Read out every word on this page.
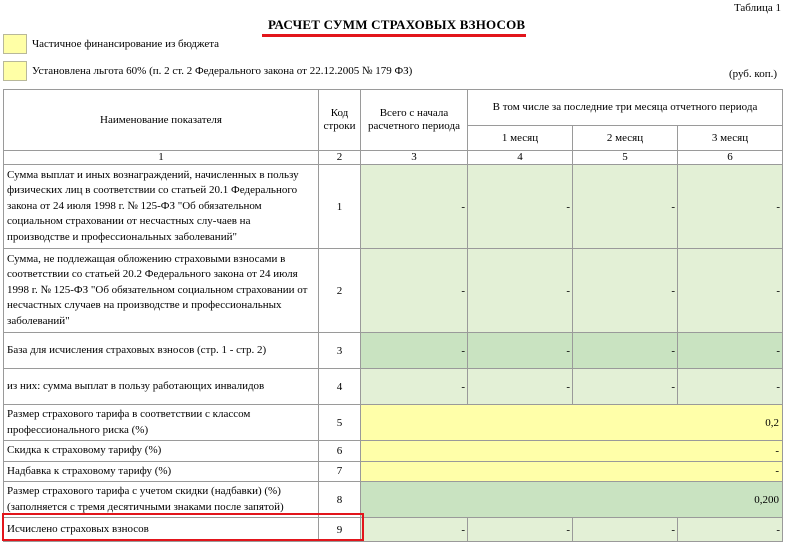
Таблица 1
РАСЧЕТ СУММ СТРАХОВЫХ ВЗНОСОВ
Частичное финансирование из бюджета
Установлена льгота 60% (п. 2 ст. 2 Федерального закона от 22.12.2005 № 179 ФЗ)	(руб. коп.)
Наименование показателя	Код строки	Всего с начала расчетного периода	В том числе за последние три месяца отчетного периода		
			1 месяц	2 месяц	3 месяц
1	2	3	4	5	6
Сумма выплат и иных вознаграждений, начисленных в пользу физических лиц в соответствии со статьей 20.1 Федерального закона от 24 июля 1998 г. № 125-ФЗ "Об обязательном социальном страховании от несчастных слу-чаев на производстве и профессиональных заболеваний"	1	-	-	-	-
Сумма, не подлежащая обложению страховыми взносами в соответствии со статьей 20.2 Федерального закона от 24 июля 1998 г. № 125-ФЗ "Об обязательном социальном страховании от несчастных случаев на производстве и профессиональных заболеваний"	2	-	-	-	-
База для исчисления страховых взносов (стр. 1 - стр. 2)	3	-	-	-	-
из них: сумма выплат в пользу работающих инвалидов	4	-	-	-	-
Размер страхового тарифа в соответствии с классом профессионального риска (%)	5	0,2			
Скидка к страховому тарифу (%)	6	-			
Надбавка к страховому тарифу (%)	7	-			
Размер страхового тарифа с учетом скидки (надбавки) (%) (заполняется с тремя десятичными знаками после запятой)	8	0,200			
Исчислено страховых взносов	9	-	-	-	-
